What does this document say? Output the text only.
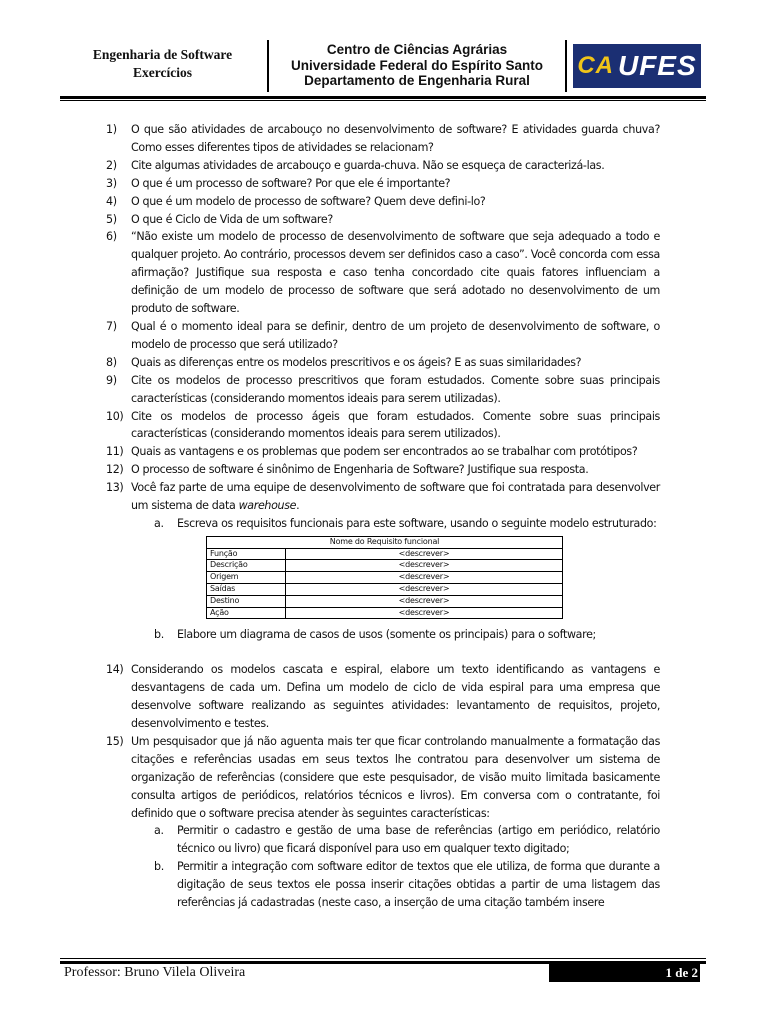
Engenharia de Software
Exercícios
Centro de Ciências Agrárias
Universidade Federal do Espírito Santo
Departamento de Engenharia Rural
CA UFES
1) O que são atividades de arcabouço no desenvolvimento de software? E atividades guarda chuva? Como esses diferentes tipos de atividades se relacionam?
2) Cite algumas atividades de arcabouço e guarda-chuva. Não se esqueça de caracterizá-las.
3) O que é um processo de software? Por que ele é importante?
4) O que é um modelo de processo de software? Quem deve defini-lo?
5) O que é Ciclo de Vida de um software?
6) “Não existe um modelo de processo de desenvolvimento de software que seja adequado a todo e qualquer projeto. Ao contrário, processos devem ser definidos caso a caso”. Você concorda com essa afirmação? Justifique sua resposta e caso tenha concordado cite quais fatores influenciam a definição de um modelo de processo de software que será adotado no desenvolvimento de um produto de software.
7) Qual é o momento ideal para se definir, dentro de um projeto de desenvolvimento de software, o modelo de processo que será utilizado?
8) Quais as diferenças entre os modelos prescritivos e os ágeis? E as suas similaridades?
9) Cite os modelos de processo prescritivos que foram estudados. Comente sobre suas principais características (considerando momentos ideais para serem utilizadas).
10) Cite os modelos de processo ágeis que foram estudados. Comente sobre suas principais características (considerando momentos ideais para serem utilizados).
11) Quais as vantagens e os problemas que podem ser encontrados ao se trabalhar com protótipos?
12) O processo de software é sinônimo de Engenharia de Software? Justifique sua resposta.
13) Você faz parte de uma equipe de desenvolvimento de software que foi contratada para desenvolver um sistema de data warehouse.
a. Escreva os requisitos funcionais para este software, usando o seguinte modelo estruturado:
Nome do Requisito funcional	
Função	<descrever>
Descrição	<descrever>
Origem	<descrever>
Saídas	<descrever>
Destino	<descrever>
Ação	<descrever>
b. Elabore um diagrama de casos de usos (somente os principais) para o software;
14) Considerando os modelos cascata e espiral, elabore um texto identificando as vantagens e desvantagens de cada um. Defina um modelo de ciclo de vida espiral para uma empresa que desenvolve software realizando as seguintes atividades: levantamento de requisitos, projeto, desenvolvimento e testes.
15) Um pesquisador que já não aguenta mais ter que ficar controlando manualmente a formatação das citações e referências usadas em seus textos lhe contratou para desenvolver um sistema de organização de referências (considere que este pesquisador, de visão muito limitada basicamente consulta artigos de periódicos, relatórios técnicos e livros). Em conversa com o contratante, foi definido que o software precisa atender às seguintes características:
a. Permitir o cadastro e gestão de uma base de referências (artigo em periódico, relatório técnico ou livro) que ficará disponível para uso em qualquer texto digitado;
b. Permitir a integração com software editor de textos que ele utiliza, de forma que durante a digitação de seus textos ele possa inserir citações obtidas a partir de uma listagem das referências já cadastradas (neste caso, a inserção de uma citação também insere
Professor: Bruno Vilela Oliveira	1 de 2
